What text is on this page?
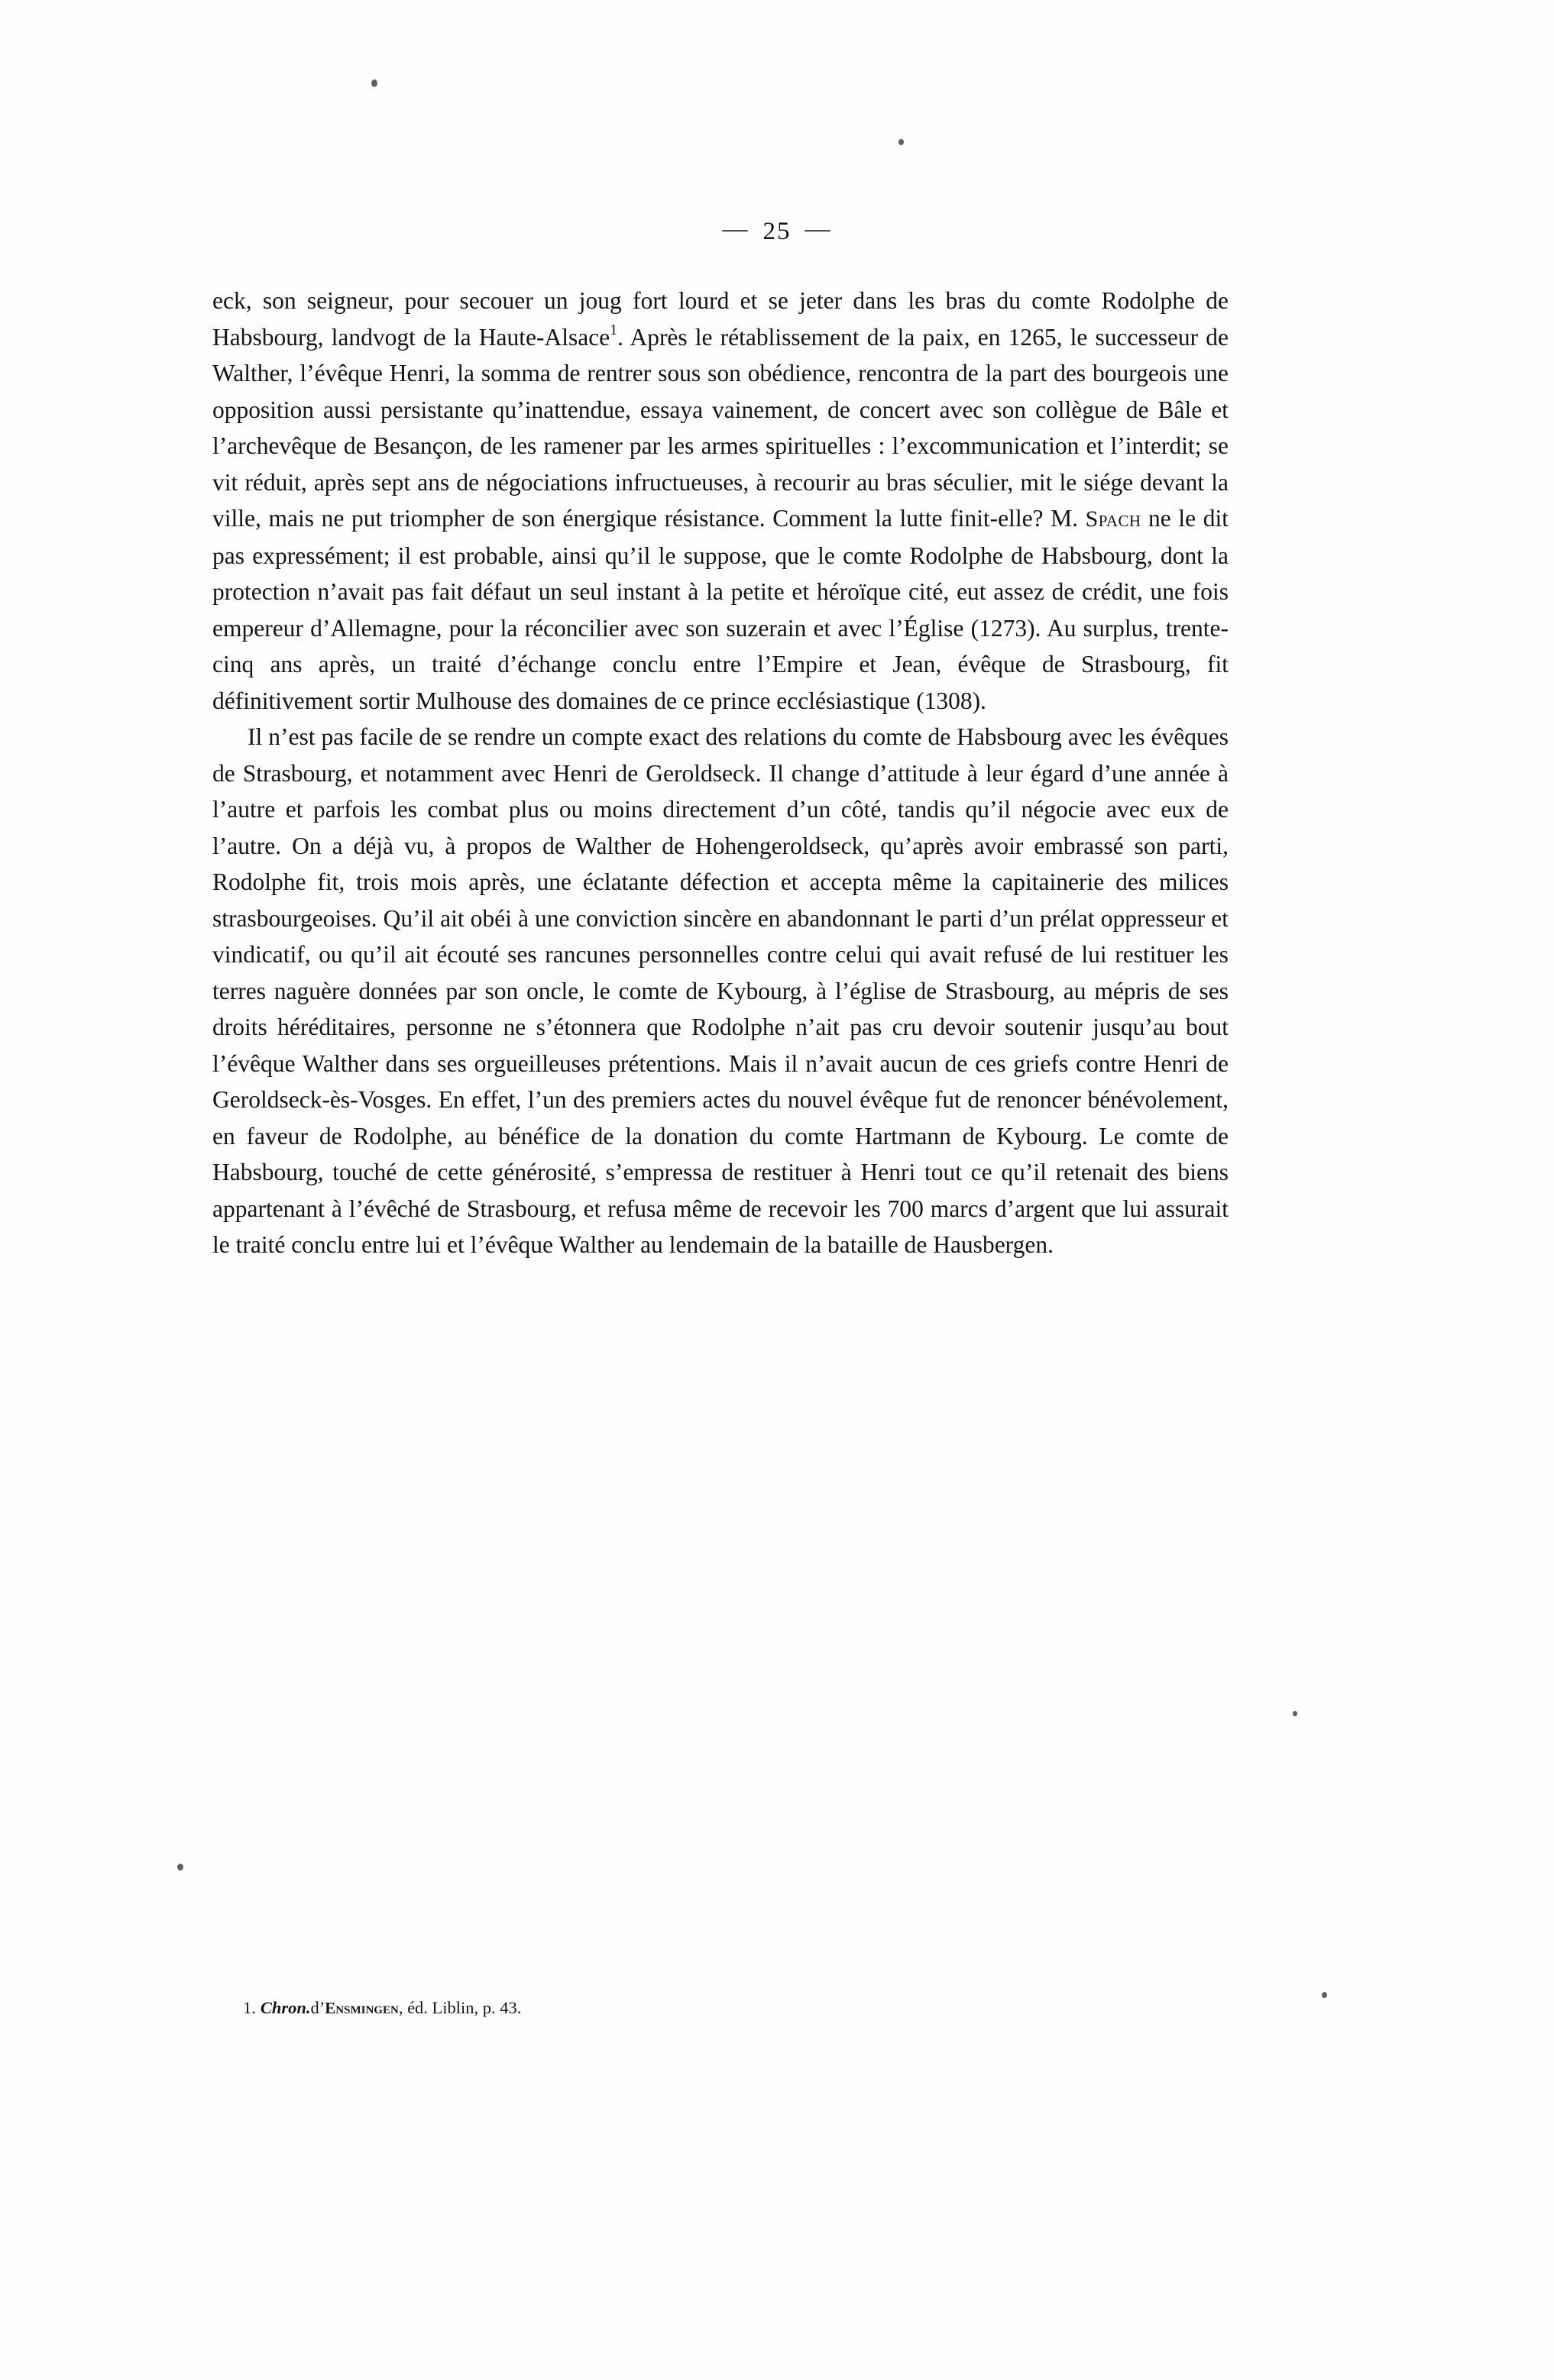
— 25 —

eck, son seigneur, pour secouer un joug fort lourd et se jeter dans les bras du comte Rodolphe de Habsbourg, landvogt de la Haute-Alsace$^1$. Après le rétablissement de la paix, en 1265, le successeur de Walther, l’évêque Henri, la somma de rentrer sous son obédience, rencontra de la part des bourgeois une opposition aussi persistante qu’inattendue, essaya vainement, de concert avec son collègue de Bâle et l’archevêque de Besançon, de les ramener par les armes spirituelles : l’excommunication et l’interdit; se vit réduit, après sept ans de négociations infructueuses, à recourir au bras séculier, mit le siége devant la ville, mais ne put triompher de son énergique résistance. Comment la lutte finit-elle? M. Spach ne le dit pas expressément; il est probable, ainsi qu’il le suppose, que le comte Rodolphe de Habsbourg, dont la protection n’avait pas fait défaut un seul instant à la petite et héroïque cité, eut assez de crédit, une fois empereur d’Allemagne, pour la réconcilier avec son suzerain et avec l’Église (1273). Au surplus, trente-cinq ans après, un traité d’échange conclu entre l’Empire et Jean, évêque de Strasbourg, fit définitivement sortir Mulhouse des domaines de ce prince ecclésiastique (1308).

Il n’est pas facile de se rendre un compte exact des relations du comte de Habsbourg avec les évêques de Strasbourg, et notamment avec Henri de Geroldseck. Il change d’attitude à leur égard d’une année à l’autre et parfois les combat plus ou moins directement d’un côté, tandis qu’il négocie avec eux de l’autre. On a déjà vu, à propos de Walther de Hohengeroldseck, qu’après avoir embrassé son parti, Rodolphe fit, trois mois après, une éclatante défection et accepta même la capitainerie des milices strasbourgeoises. Qu’il ait obéi à une conviction sincère en abandonnant le parti d’un prélat oppresseur et vindicatif, ou qu’il ait écouté ses rancunes personnelles contre celui qui avait refusé de lui restituer les terres naguère données par son oncle, le comte de Kybourg, à l’église de Strasbourg, au mépris de ses droits héréditaires, personne ne s’étonnera que Rodolphe n’ait pas cru devoir soutenir jusqu’au bout l’évêque Walther dans ses orgueilleuses prétentions. Mais il n’avait aucun de ces griefs contre Henri de Geroldseck-ès-Vosges. En effet, l’un des premiers actes du nouvel évêque fut de renoncer bénévolement, en faveur de Rodolphe, au bénéfice de la donation du comte Hartmann de Kybourg. Le comte de Habsbourg, touché de cette générosité, s’empressa de restituer à Henri tout ce qu’il retenait des biens appartenant à l’évêché de Strasbourg, et refusa même de recevoir les 700 marcs d’argent que lui assurait le traité conclu entre lui et l’évêque Walther au lendemain de la bataille de Hausbergen.

1. Chron.d’Ensmingen, éd. Liblin, p. 43.
